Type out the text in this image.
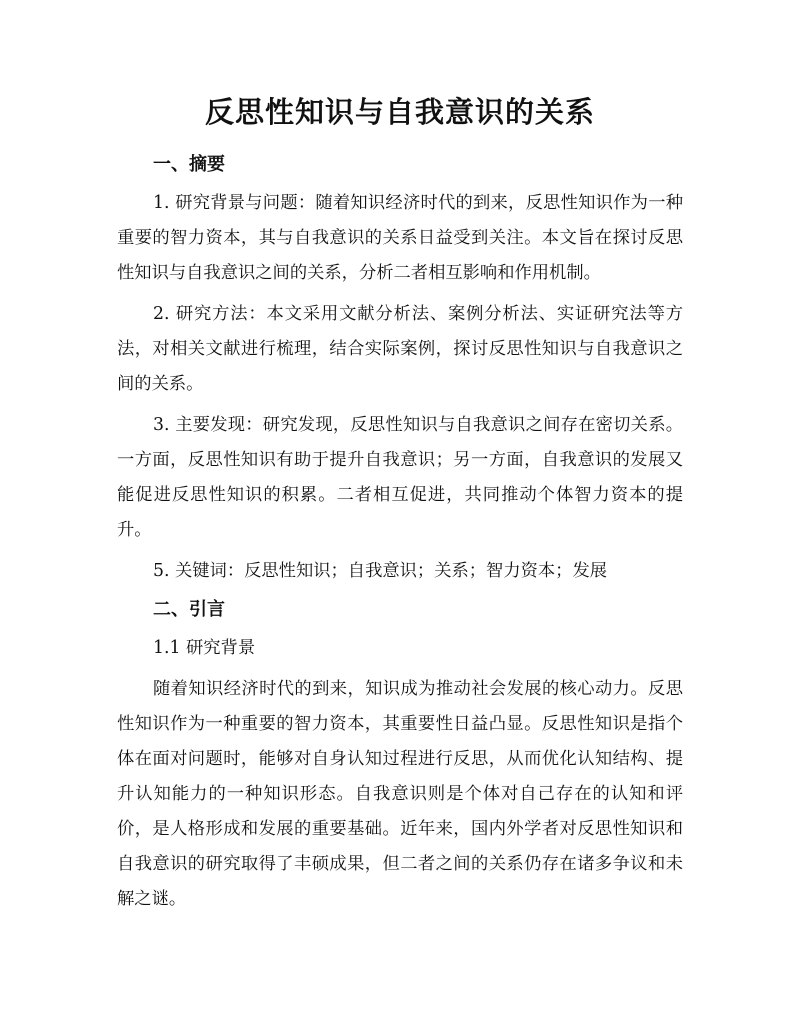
反思性知识与自我意识的关系
一、摘要

1. 研究背景与问题：随着知识经济时代的到来，反思性知识作为一种重要的智力资本，其与自我意识的关系日益受到关注。本文旨在探讨反思性知识与自我意识之间的关系，分析二者相互影响和作用机制。

2. 研究方法：本文采用文献分析法、案例分析法、实证研究法等方法，对相关文献进行梳理，结合实际案例，探讨反思性知识与自我意识之间的关系。

3. 主要发现：研究发现，反思性知识与自我意识之间存在密切关系。一方面，反思性知识有助于提升自我意识；另一方面，自我意识的发展又能促进反思性知识的积累。二者相互促进，共同推动个体智力资本的提升。

5. 关键词：反思性知识；自我意识；关系；智力资本；发展

二、引言
1.1 研究背景

随着知识经济时代的到来，知识成为推动社会发展的核心动力。反思性知识作为一种重要的智力资本，其重要性日益凸显。反思性知识是指个体在面对问题时，能够对自身认知过程进行反思，从而优化认知结构、提升认知能力的一种知识形态。自我意识则是个体对自己存在的认知和评价，是人格形成和发展的重要基础。近年来，国内外学者对反思性知识和自我意识的研究取得了丰硕成果，但二者之间的关系仍存在诸多争议和未解之谜。
